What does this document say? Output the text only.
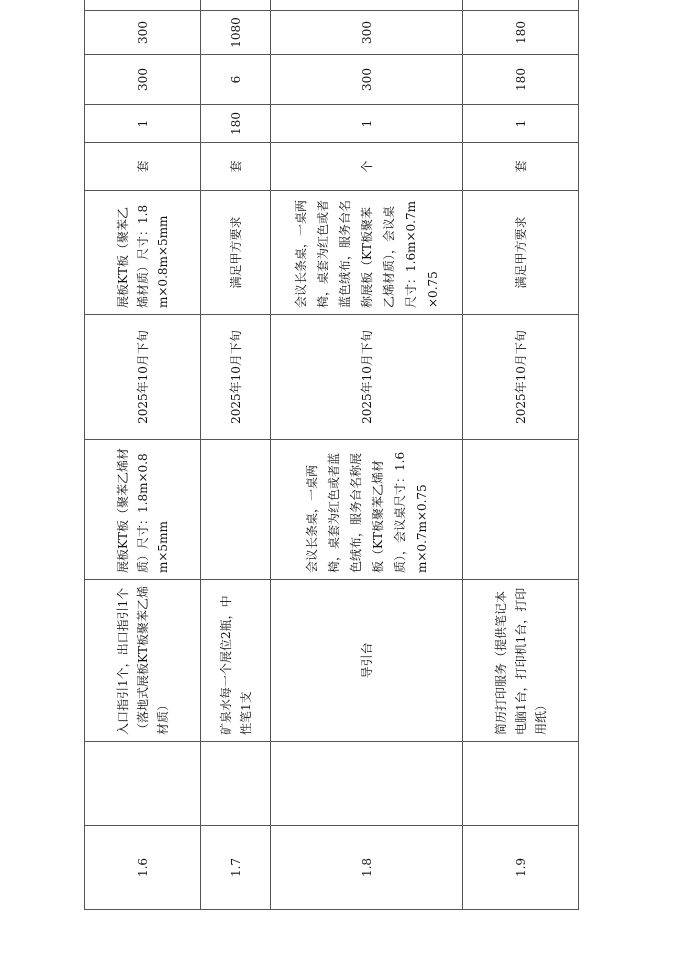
1.6		入口指引1个，出口指引1个（落地式展板KT板聚苯乙烯材质）	展板KT板（聚苯乙烯材质）尺寸：1.8m×0.8m×5mm	2025年10月下旬	展板KT板（聚苯乙烯材质）尺寸：1.8m×0.8m×5mm	套	1	300	300	
1.7		矿泉水每一个展位2瓶，中性笔1支		2025年10月下旬	满足甲方要求	套	180	6	1080	
1.8		导引台	会议长条桌，一桌两椅，桌套为红色或者蓝色绒布，服务台名称展板（KT板聚苯乙烯材质），会议桌尺寸：1.6m×0.7m×0.75	2025年10月下旬	会议长条桌，一桌两椅，桌套为红色或者蓝色绒布，服务台名称展板（KT板聚苯乙烯材质），会议桌尺寸：1.6m×0.7m×0.75	个	1	300	300	
1.9		简历打印服务（提供笔记本电脑1台，打印机1台，打印用纸）		2025年10月下旬	满足甲方要求	套	1	180	180	
